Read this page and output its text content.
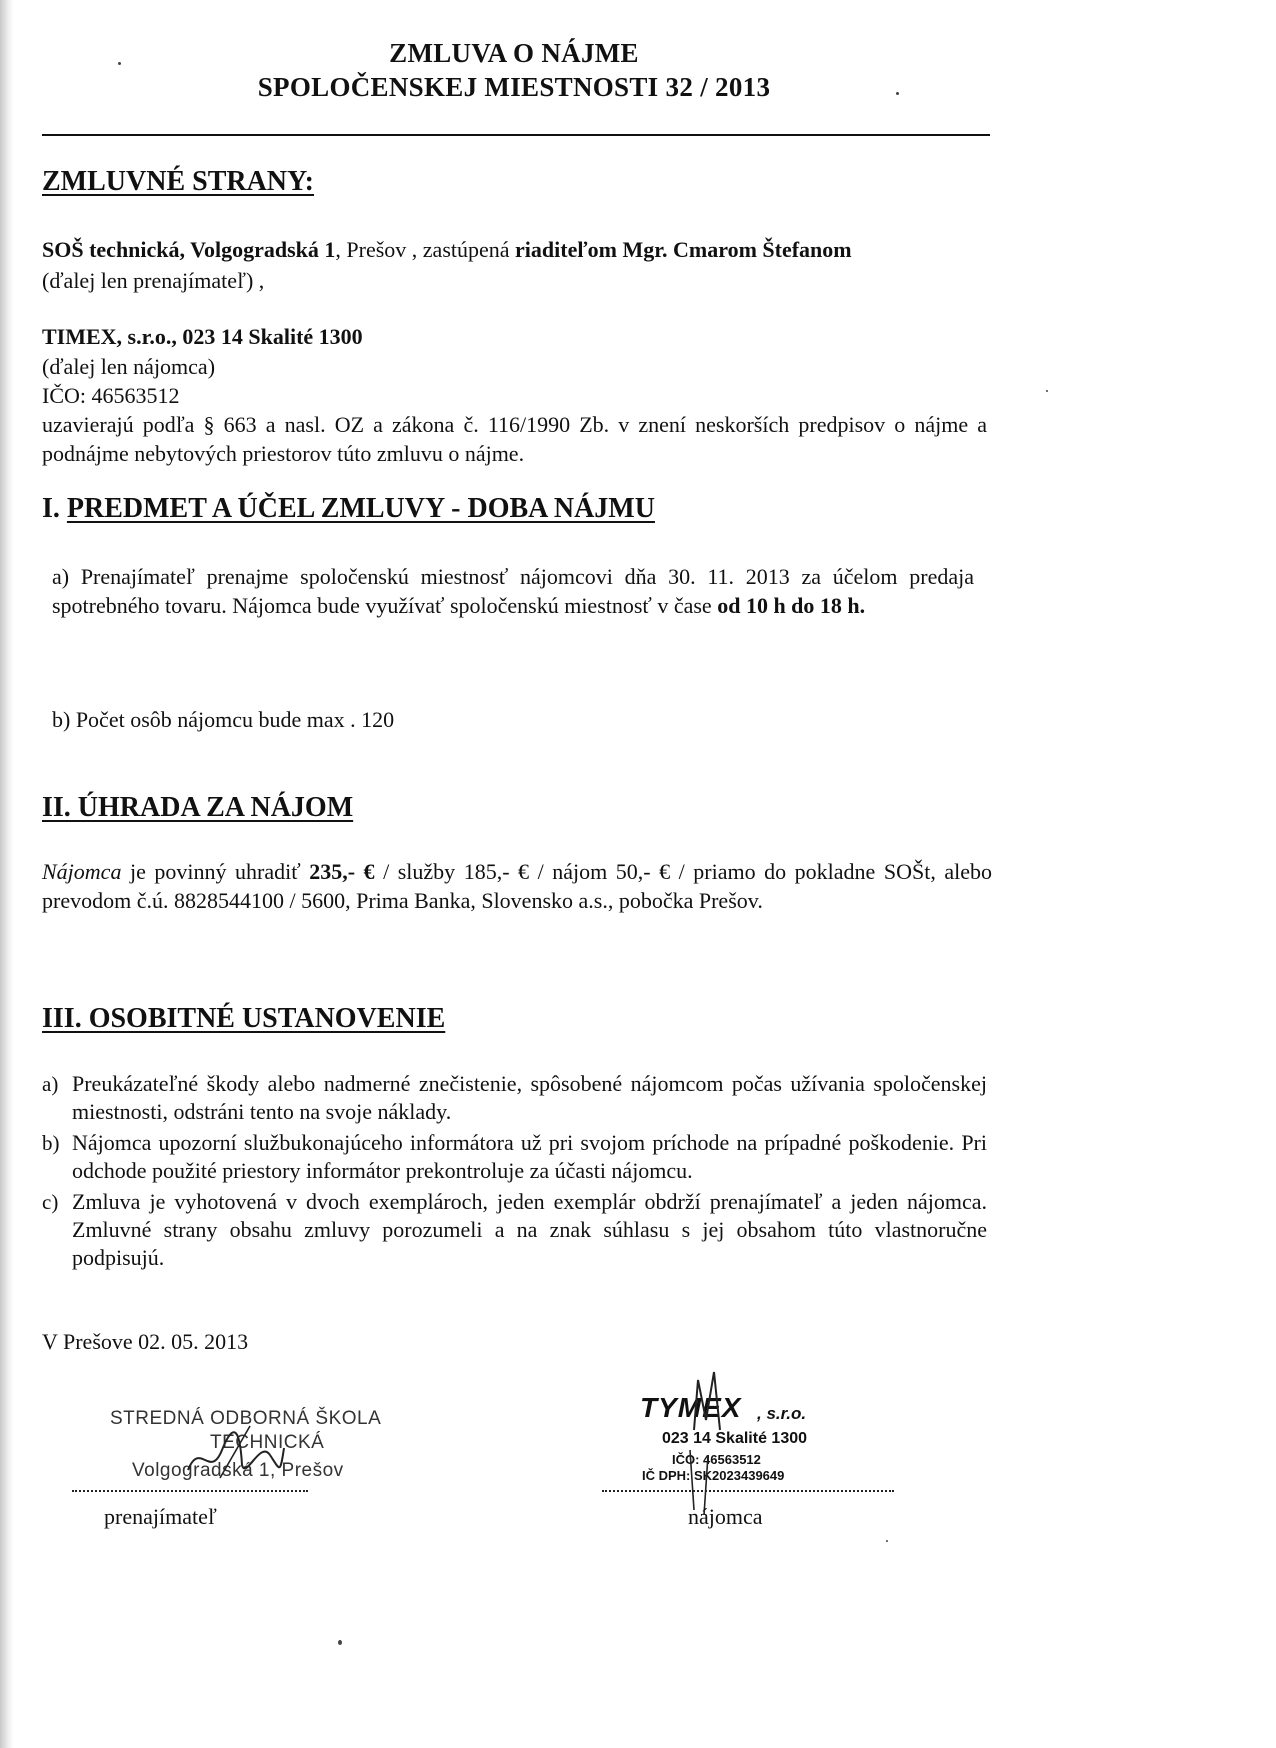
ZMLUVA O NÁJME
SPOLOČENSKEJ MIESTNOSTI 32 / 2013
ZMLUVNÉ STRANY:
SOŠ technická, Volgogradská 1, Prešov , zastúpená riaditeľom Mgr. Cmarom Štefanom
(ďalej len prenajímateľ) ,
TIMEX, s.r.o., 023 14 Skalité 1300
(ďalej len nájomca)
IČO: 46563512
uzavierajú podľa § 663 a nasl. OZ a zákona č. 116/1990 Zb. v znení neskorších predpisov o nájme a podnájme nebytových priestorov túto zmluvu o nájme.
I. PREDMET A ÚČEL ZMLUVY - DOBA NÁJMU
a) Prenajímateľ prenajme spoločenskú miestnosť nájomcovi dňa 30. 11. 2013 za účelom predaja spotrebného tovaru. Nájomca bude využívať spoločenskú miestnosť v čase od 10 h do 18 h.
b) Počet osôb nájomcu bude max . 120
II. ÚHRADA ZA NÁJOM
Nájomca je povinný uhradiť 235,- € / služby 185,- € / nájom 50,- € / priamo do pokladne SOŠt, alebo prevodom č.ú. 8828544100 / 5600, Prima Banka, Slovensko a.s., pobočka Prešov.
III. OSOBITNÉ USTANOVENIE
a) Preukázateľné škody alebo nadmerné znečistenie, spôsobené nájomcom počas užívania spoločenskej miestnosti, odstráni tento na svoje náklady.
b) Nájomca upozorní službukonajúceho informátora už pri svojom príchode na prípadné poškodenie. Pri odchode použité priestory informátor prekontroluje za účasti nájomcu.
c) Zmluva je vyhotovená v dvoch exemplároch, jeden exemplár obdrží prenajímateľ a jeden nájomca. Zmluvné strany obsahu zmluvy porozumeli a na znak súhlasu s jej obsahom túto vlastnoručne podpisujú.
V Prešove 02. 05. 2013
STREDNÁ ODBORNÁ ŠKOLA
TECHNICKÁ
Volgogradská 1, Prešov
prenajímateľ
TYMEX , s.r.o.
023 14 Skalité 1300
IČO: 46563512
IČ DPH: SK2023439649
nájomca
